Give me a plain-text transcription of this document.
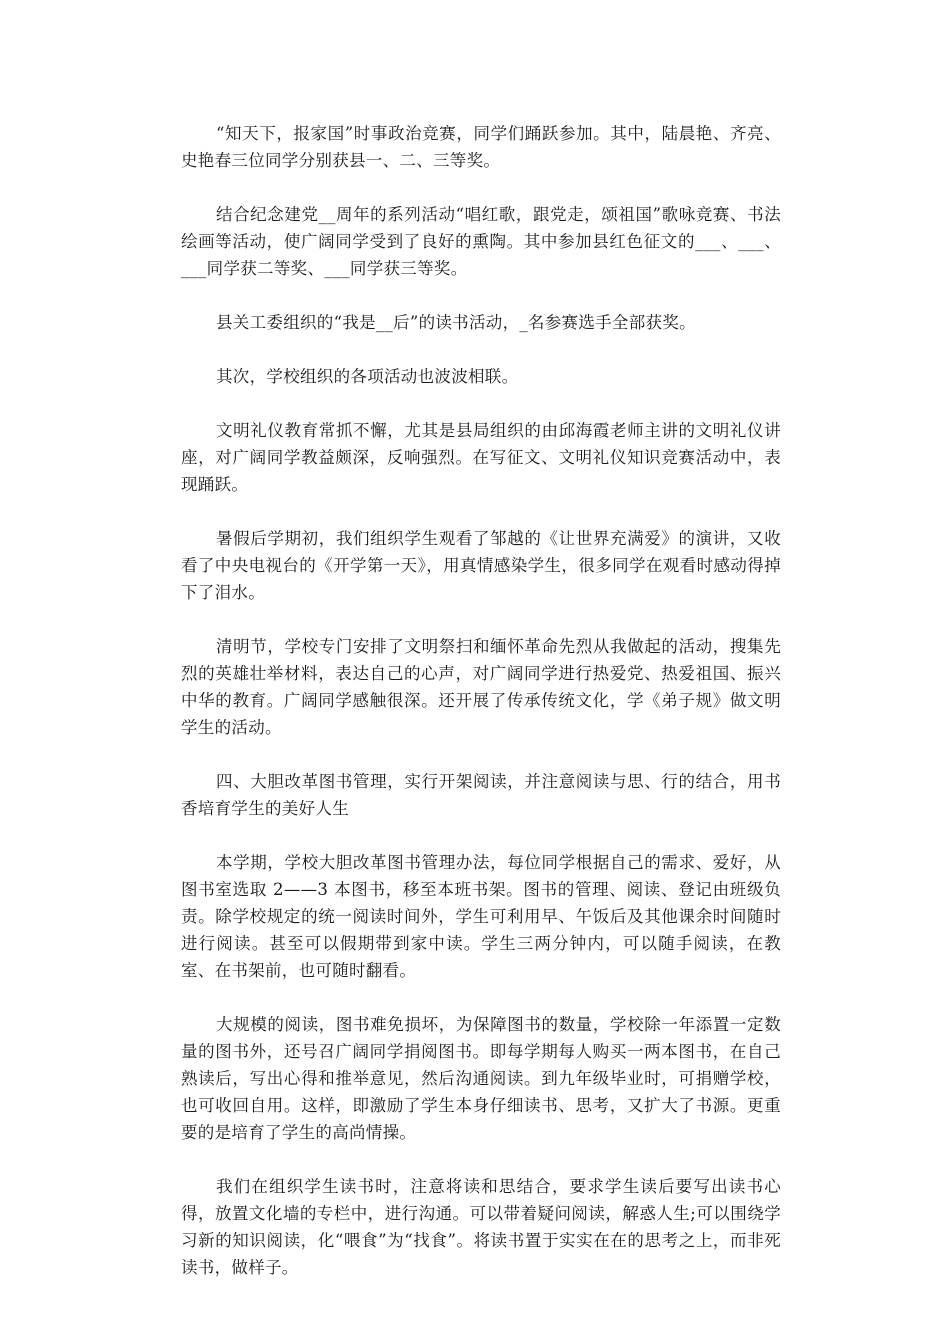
“知天下，报家国”时事政治竞赛，同学们踊跃参加。其中，陆晨艳、齐亮、史艳春三位同学分别获县一、二、三等奖。

结合纪念建党__周年的系列活动“唱红歌，跟党走，颂祖国”歌咏竞赛、书法绘画等活动，使广阔同学受到了良好的熏陶。其中参加县红色征文的___、___、___同学获二等奖、___同学获三等奖。

县关工委组织的“我是__后”的读书活动，_名参赛选手全部获奖。

其次，学校组织的各项活动也波波相联。

文明礼仪教育常抓不懈，尤其是县局组织的由邱海霞老师主讲的文明礼仪讲座，对广阔同学教益颇深，反响强烈。在写征文、文明礼仪知识竞赛活动中，表现踊跃。

暑假后学期初，我们组织学生观看了邹越的《让世界充满爱》的演讲，又收看了中央电视台的《开学第一天》，用真情感染学生，很多同学在观看时感动得掉下了泪水。

清明节，学校专门安排了文明祭扫和缅怀革命先烈从我做起的活动，搜集先烈的英雄壮举材料，表达自己的心声，对广阔同学进行热爱党、热爱祖国、振兴中华的教育。广阔同学感触很深。还开展了传承传统文化，学《弟子规》做文明学生的活动。

四、大胆改革图书管理，实行开架阅读，并注意阅读与思、行的结合，用书香培育学生的美好人生

本学期，学校大胆改革图书管理办法，每位同学根据自己的需求、爱好，从图书室选取 2——3 本图书，移至本班书架。图书的管理、阅读、登记由班级负责。除学校规定的统一阅读时间外，学生可利用早、午饭后及其他课余时间随时进行阅读。甚至可以假期带到家中读。学生三两分钟内，可以随手阅读，在教室、在书架前，也可随时翻看。

大规模的阅读，图书难免损坏，为保障图书的数量，学校除一年添置一定数量的图书外，还号召广阔同学捐阅图书。即每学期每人购买一两本图书，在自己熟读后，写出心得和推举意见，然后沟通阅读。到九年级毕业时，可捐赠学校，也可收回自用。这样，即激励了学生本身仔细读书、思考，又扩大了书源。更重要的是培育了学生的高尚情操。

我们在组织学生读书时，注意将读和思结合，要求学生读后要写出读书心得，放置文化墙的专栏中，进行沟通。可以带着疑问阅读，解惑人生;可以围绕学习新的知识阅读，化“喂食”为“找食”。将读书置于实实在在的思考之上，而非死读书，做样子。
